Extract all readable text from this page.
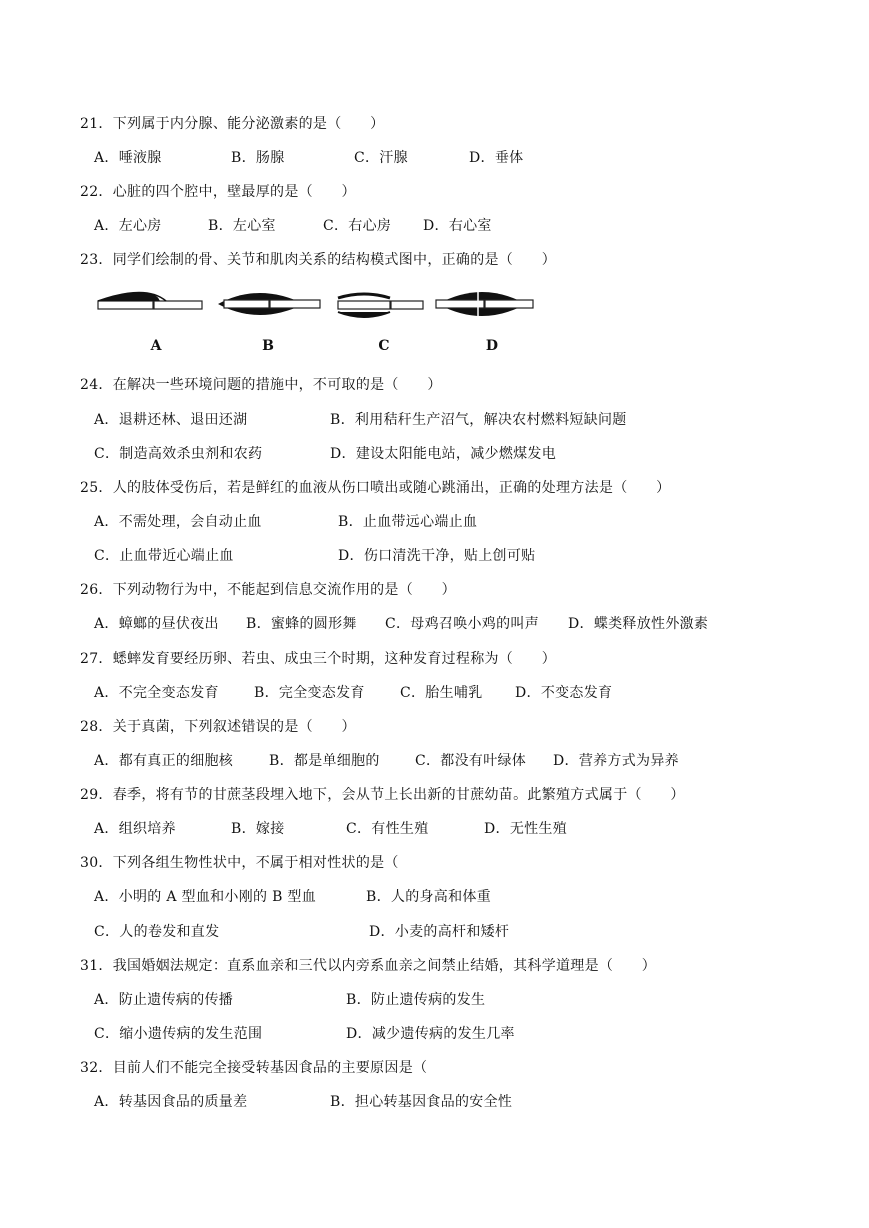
21．下列属于内分腺、能分泌激素的是（　　）
A．唾液腺	B．肠腺	C．汗腺	D．垂体
22．心脏的四个腔中，壁最厚的是（　　）
A．左心房	B．左心室	C．右心房 D．右心室
23．同学们绘制的骨、关节和肌肉关系的结构模式图中，正确的是（　　）
A	B	C	D
24．在解决一些环境问题的措施中，不可取的是（　　）
A．退耕还林、退田还湖	B．利用秸秆生产沼气，解决农村燃料短缺问题
C．制造高效杀虫剂和农药	D．建设太阳能电站，减少燃煤发电
25．人的肢体受伤后，若是鲜红的血液从伤口喷出或随心跳涌出，正确的处理方法是（　　）
A．不需处理，会自动止血	B．止血带远心端止血
C．止血带近心端止血	D．伤口清洗干净，贴上创可贴
26．下列动物行为中，不能起到信息交流作用的是（　　）
A．蟑螂的昼伏夜出 B．蜜蜂的圆形舞 C．母鸡召唤小鸡的叫声 D．蝶类释放性外激素
27．蟋蟀发育要经历卵、若虫、成虫三个时期，这种发育过程称为（　　）
A．不完全变态发育	B．完全变态发育	C．胎生哺乳 D．不变态发育
28．关于真菌，下列叙述错误的是（　　）
A．都有真正的细胞核	B．都是单细胞的	C．都没有叶绿体 D．营养方式为异养
29．春季，将有节的甘蔗茎段埋入地下，会从节上长出新的甘蔗幼苗。此繁殖方式属于（　　）
A．组织培养	B．嫁接	C．有性生殖	D．无性生殖
30．下列各组生物性状中，不属于相对性状的是（
A．小明的 A 型血和小刚的 B 型血	B．人的身高和体重
C．人的卷发和直发	D．小麦的高杆和矮杆
31．我国婚姻法规定：直系血亲和三代以内旁系血亲之间禁止结婚，其科学道理是（　　）
A．防止遗传病的传播	B．防止遗传病的发生
C．缩小遗传病的发生范围	D．减少遗传病的发生几率
32．目前人们不能完全接受转基因食品的主要原因是（
A．转基因食品的质量差	B．担心转基因食品的安全性
